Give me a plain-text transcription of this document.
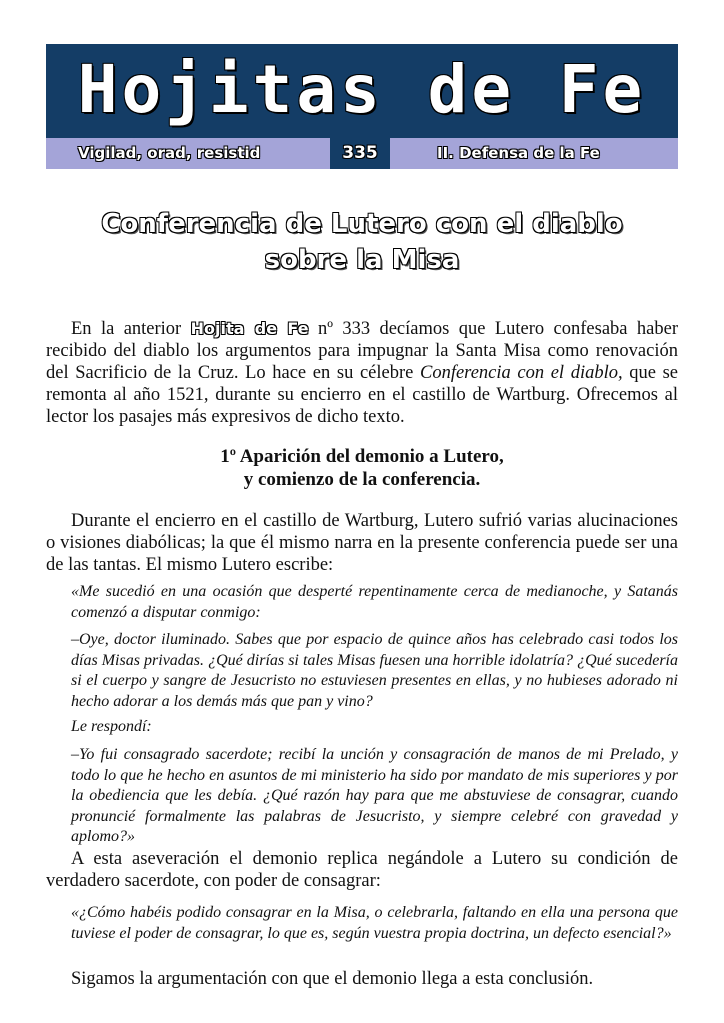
Hojitas de Fe
Vigilad, orad, resistid	335	II. Defensa de la Fe
Conferencia de Lutero con el diablo
sobre la Misa

En la anterior Hojita de Fe nº 333 decíamos que Lutero confesaba haber recibido del diablo los argumentos para impugnar la Santa Misa como renovación del Sacrificio de la Cruz. Lo hace en su célebre Conferencia con el diablo, que se remonta al año 1521, durante su encierro en el castillo de Wartburg. Ofrecemos al lector los pasajes más expresivos de dicho texto.

1º Aparición del demonio a Lutero,
y comienzo de la conferencia.

Durante el encierro en el castillo de Wartburg, Lutero sufrió varias alucinaciones o visiones diabólicas; la que él mismo narra en la presente conferencia puede ser una de las tantas. El mismo Lutero escribe:

«Me sucedió en una ocasión que desperté repentinamente cerca de medianoche, y Satanás comenzó a disputar conmigo:

–Oye, doctor iluminado. Sabes que por espacio de quince años has celebrado casi todos los días Misas privadas. ¿Qué dirías si tales Misas fuesen una horrible idolatría? ¿Qué sucedería si el cuerpo y sangre de Jesucristo no estuviesen presentes en ellas, y no hubieses adorado ni hecho adorar a los demás más que pan y vino?

Le respondí:

–Yo fui consagrado sacerdote; recibí la unción y consagración de manos de mi Prelado, y todo lo que he hecho en asuntos de mi ministerio ha sido por mandato de mis superiores y por la obediencia que les debía. ¿Qué razón hay para que me abstuviese de consagrar, cuando pronuncié formalmente las palabras de Jesucristo, y siempre celebré con gravedad y aplomo?»

A esta aseveración el demonio replica negándole a Lutero su condición de verdadero sacerdote, con poder de consagrar:

«¿Cómo habéis podido consagrar en la Misa, o celebrarla, faltando en ella una persona que tuviese el poder de consagrar, lo que es, según vuestra propia doctrina, un defecto esencial?»

Sigamos la argumentación con que el demonio llega a esta conclusión.
